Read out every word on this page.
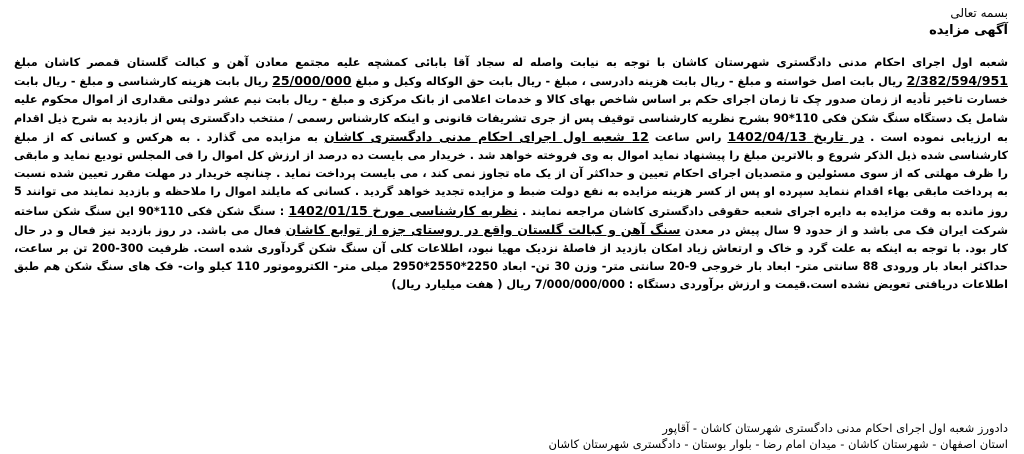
بسمه تعالی
آگهی مزایده

شعبه اول اجرای احکام مدنی دادگستری شهرستان کاشان با توجه به نیابت واصله له سجاد آقا بابائی کمشچه علیه مجتمع معادن آهن و کبالت گلستان قمصر کاشان مبلغ 2/382/594/951 ریال بابت اصل خواسته و مبلغ - ریال بابت هزینه دادرسی ، مبلغ - ریال بابت حق الوکاله وکیل و مبلغ 25/000/000 ریال بابت هزینه کارشناسی و مبلغ - ریال بابت خسارت تاخیر تأدیه از زمان صدور چک تا زمان اجرای حکم بر اساس شاخص بهای کالا و خدمات اعلامی از بانک مرکزی و مبلغ - ریال بابت نیم عشر دولتی مقداری از اموال محکوم علیه شامل یک دستگاه سنگ شکن فکی 110*90 بشرح نظریه کارشناسی توقیف پس از جری تشریفات قانونی و اینکه کارشناس رسمی / منتخب دادگستری پس از بازدید به شرح ذیل اقدام به ارزیابی نموده است . در تاریخ 1402/04/13 راس ساعت 12 شعبه اول اجرای احکام مدنی دادگستری کاشان به مزایده می گذارد . به هرکس و کسانی که از مبلغ کارشناسی شده ذیل الذکر شروع و بالاترین مبلغ را پیشنهاد نماید اموال به وی فروخته خواهد شد . خریدار می بایست ده درصد از ارزش کل اموال را فی المجلس تودیع نماید و مابقی را ظرف مهلتی که از سوی مسئولین و متصدیان اجرای احکام تعیین و حداکثر آن از یک ماه تجاوز نمی کند ، می بایست پرداخت نماید . چنانچه خریدار در مهلت مقرر تعیین شده نسبت به پرداخت مابقی بهاء اقدام ننماید سپرده او پس از کسر هزینه مزایده به نفع دولت ضبط و مزایده تجدید خواهد گردید . کسانی که مایلند اموال را ملاحظه و بازدید نمایند می توانند 5 روز مانده به وقت مزایده به دایره اجرای شعبه حقوقی دادگستری کاشان مراجعه نمایند . نظریه کارشناسی مورخ 1402/01/15 : سنگ شکن فکی 110*90 این سنگ شکن ساخته‌ شرکت ایران فک می باشد و از حدود 9 سال پیش در معدن سنگ آهن و کبالت گلستان واقع در روستای جزه از توابع کاشان فعال می باشد. در روز بازدید نیز فعال و در حال کار بود. با توجه به اینکه به علت گرد و خاک و ارتعاش زیاد امکان بازدید از فاصلهٔ نزدیک مهیا نبود، اطلاعات کلی آن سنگ شکن گردآوری شده است. ظرفیت 300-200 تن بر ساعت، حداکثر ابعاد بار ورودی 88 سانتی متر- ابعاد بار خروجی 9-20 سانتی متر- وزن 30 تن- ابعاد 2250*2550*2950 میلی متر- الکتروموتور 110 کیلو وات- فک های سنگ شکن هم طبق اطلاعات دریافتی تعویض نشده است.قیمت و ارزش برآوردی دستگاه : 7/000/000/000 ریال ( هفت میلیارد ریال)

دادورز شعبه اول اجرای احکام مدنی دادگستری شهرستان کاشان - آقاپور
استان اصفهان - شهرستان کاشان - میدان امام رضا - بلوار بوستان - دادگستری شهرستان کاشان
